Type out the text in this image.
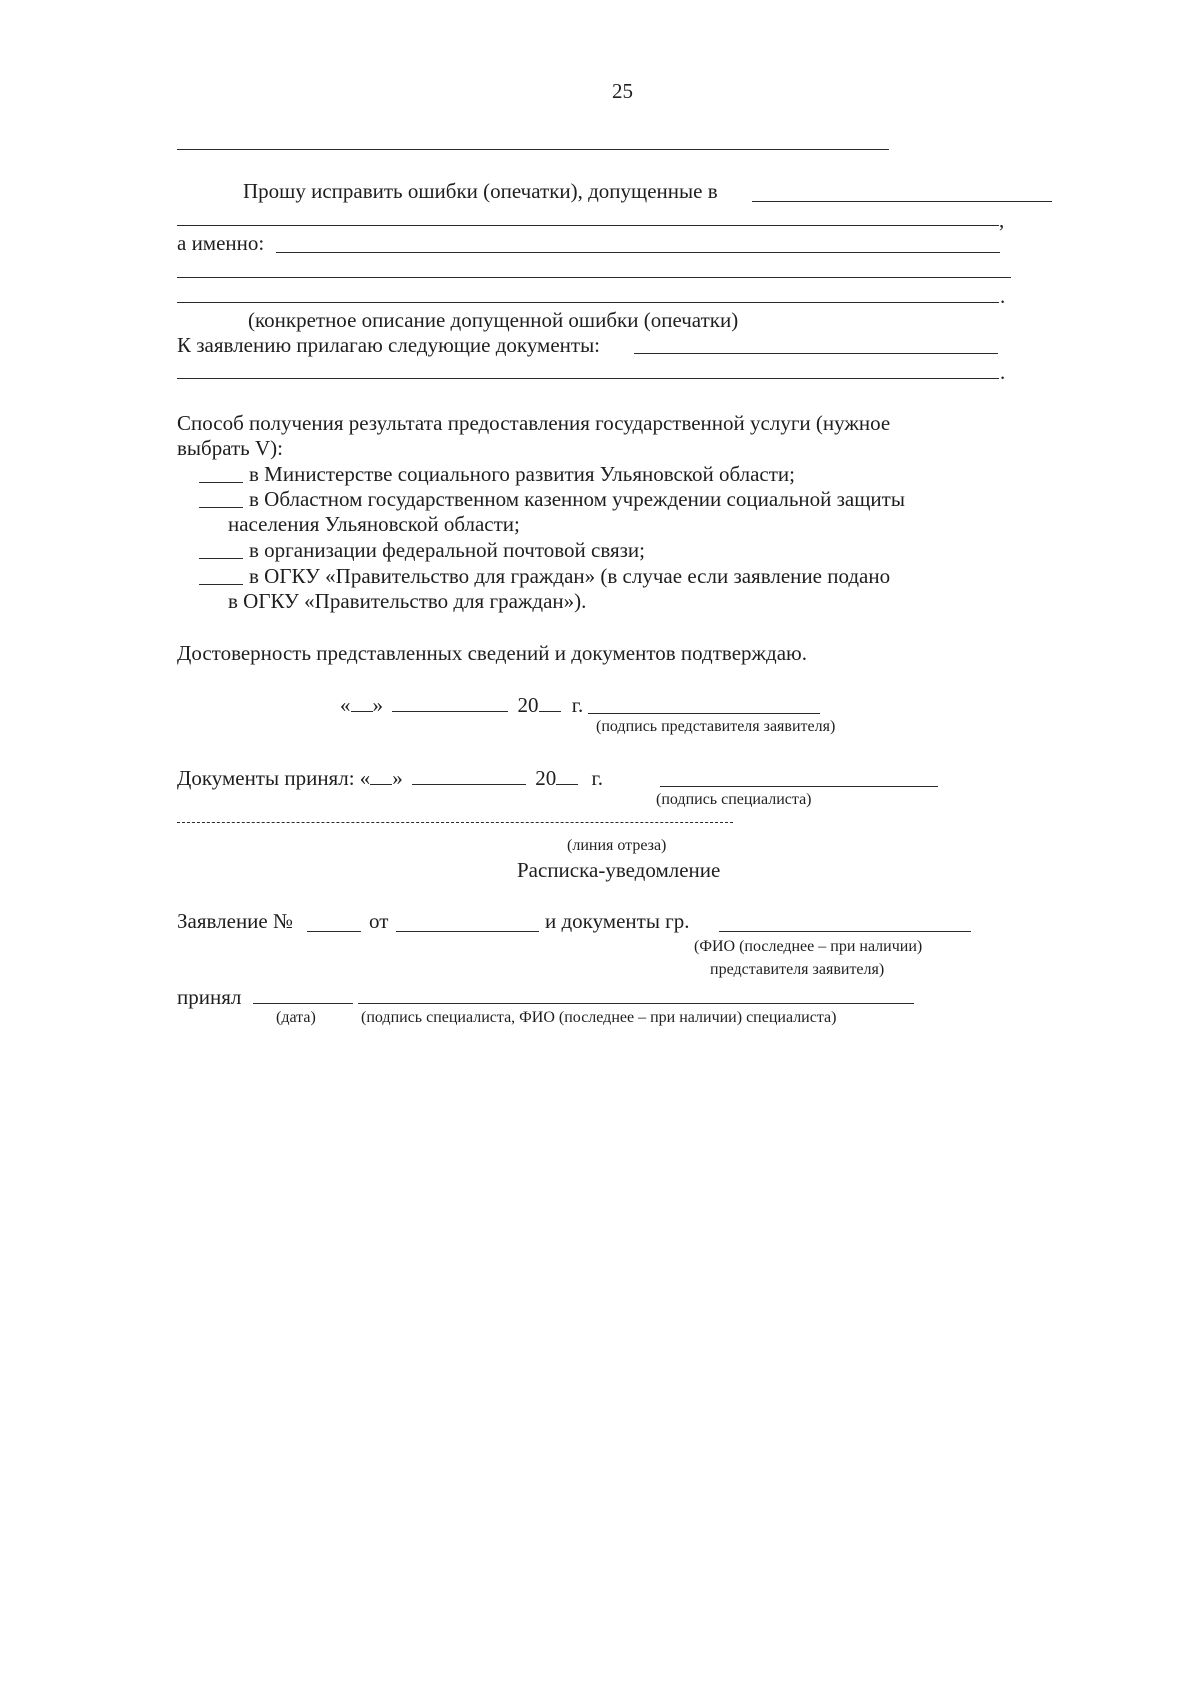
25
Прошу исправить ошибки (опечатки), допущенные в
,
а именно:
.
(конкретное описание допущенной ошибки (опечатки)
К заявлению прилагаю следующие документы:
.
Способ получения результата предоставления государственной услуги (нужное
выбрать V):
в Министерстве социального развития Ульяновской области;
в Областном государственном казенном учреждении социальной защиты
населения Ульяновской области;
в организации федеральной почтовой связи;
в ОГКУ «Правительство для граждан» (в случае если заявление подано
в ОГКУ «Правительство для граждан»).
Достоверность представленных сведений и документов подтверждаю.
« »	20 г.
(подпись представителя заявителя)
Документы принял: « »	20 г.
(подпись специалиста)
(линия отреза)
Расписка-уведомление
Заявление №	от	и документы гр.
(ФИО (последнее – при наличии)
представителя заявителя)
принял
(дата)	(подпись специалиста, ФИО (последнее – при наличии) специалиста)
